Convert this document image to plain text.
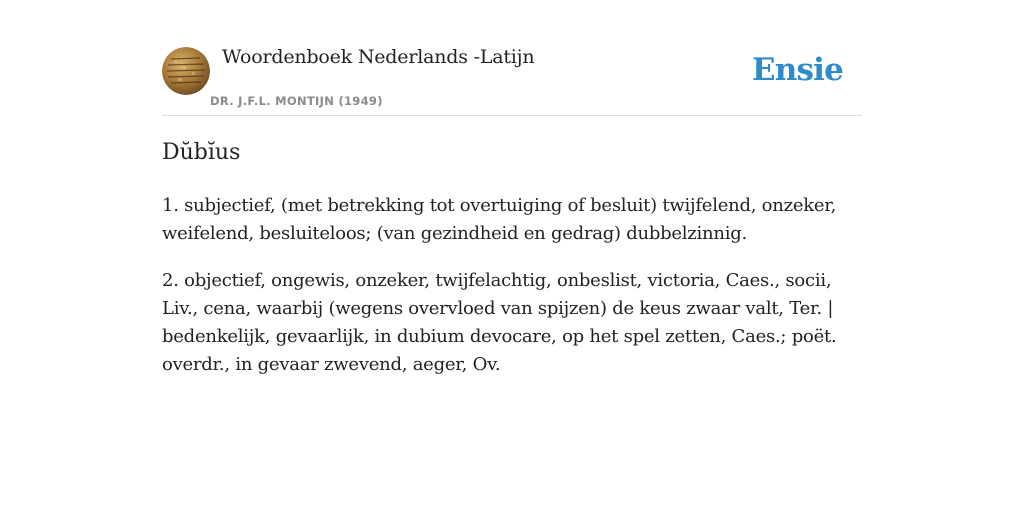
Woordenboek Nederlands -Latijn
DR. J.F.L. MONTIJN (1949)
Ensie
Dŭbĭus

1. subjectief, (met betrekking tot overtuiging of besluit) twijfelend, onzeker, weifelend, besluiteloos; (van gezindheid en gedrag) dubbelzinnig.

2. objectief, ongewis, onzeker, twijfelachtig, onbeslist, victoria, Caes., socii, Liv., cena, waarbij (wegens overvloed van spijzen) de keus zwaar valt, Ter. | bedenkelijk, gevaarlijk, in dubium devocare, op het spel zetten, Caes.; poët. overdr., in gevaar zwevend, aeger, Ov.
